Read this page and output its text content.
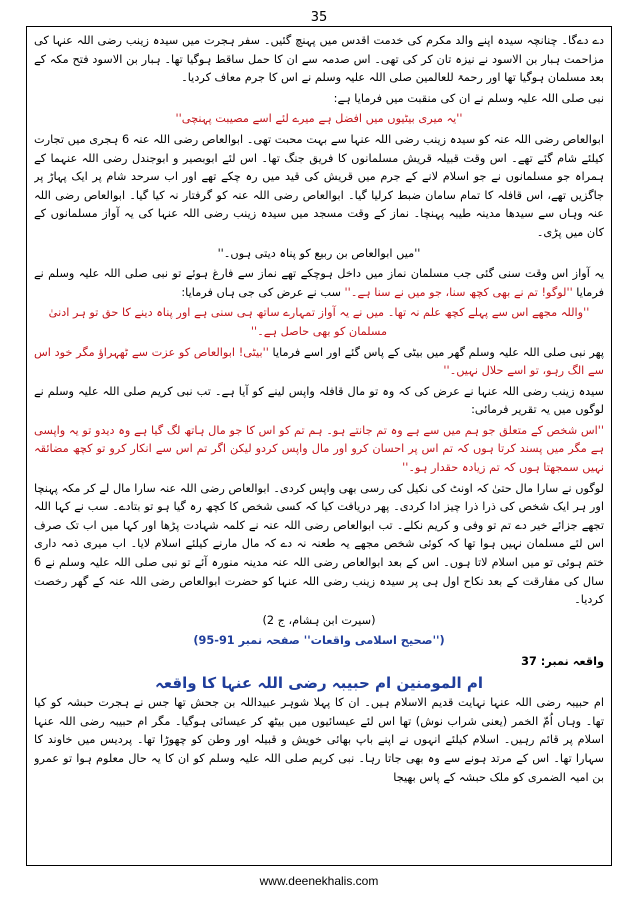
35

دے دےگا۔ چنانچہ سیدہ اپنے والد مکرم کی خدمت اقدس میں پہنچ گئیں۔ سفر ہجرت میں سیدہ زینب رضی اللہ عنہا کی مزاحمت ہبار بن الاسود نے نیزہ تان کر کی تھی۔ اس صدمہ سے ان کا حمل ساقط ہوگیا تھا۔ ہبار بن الاسود فتح مکہ کے بعد مسلمان ہوگیا تھا اور رحمۃ للعالمین صلی اللہ علیہ وسلم نے اس کا جرم معاف کردیا۔

نبی صلی اللہ علیہ وسلم نے ان کی منقبت میں فرمایا ہے:

''یہ میری بیٹیوں میں افضل ہے میرے لئے اسے مصیبت پہنچی''

ابوالعاص رضی اللہ عنہ کو سیدہ زینب رضی اللہ عنہا سے بہت محبت تھی۔ ابوالعاص رضی اللہ عنہ 6 ہجری میں تجارت کیلئے شام گئے تھے۔ اس وقت قبیلہ قریش مسلمانوں کا فریق جنگ تھا۔ اس لئے ابوبصیر و ابوجندل رضی اللہ عنہما کے ہمراہ جو مسلمانوں نے جو اسلام لانے کے جرم میں قریش کی قید میں رہ چکے تھے اور اب سرحد شام پر ایک پہاڑ پر جاگزیں تھے، اس قافلہ کا تمام سامان ضبط کرلیا گیا۔ ابوالعاص رضی اللہ عنہ کو گرفتار نہ کیا گیا۔ ابوالعاص رضی اللہ عنہ وہاں سے سیدھا مدینہ طیبہ پہنچا۔ نماز کے وقت مسجد میں سیدہ زینب رضی اللہ عنہا کی یہ آواز مسلمانوں کے کان میں پڑی۔

''میں ابوالعاص بن ربیع کو پناہ دیتی ہوں۔''

یہ آواز اس وقت سنی گئی جب مسلمان نماز میں داخل ہوچکے تھے نماز سے فارغ ہوئے تو نبی صلی اللہ علیہ وسلم نے فرمایا ''لوگو! تم نے بھی کچھ سنا، جو میں نے سنا ہے۔'' سب نے عرض کی جی ہاں فرمایا:

''واللہ مجھے اس سے پہلے کچھ علم نہ تھا۔ میں نے یہ آواز تمہارے ساتھ ہی سنی ہے اور پناہ دینے کا حق تو ہر ادنیٰ مسلمان کو بھی حاصل ہے۔''

پھر نبی صلی اللہ علیہ وسلم گھر میں بیٹی کے پاس گئے اور اسے فرمایا ''بیٹی! ابوالعاص کو عزت سے ٹھہراؤ مگر خود اس سے الگ رہو، تو اسے حلال نہیں۔''

سیدہ زینب رضی اللہ عنہا نے عرض کی کہ وہ تو مال قافلہ واپس لینے کو آیا ہے۔ تب نبی کریم صلی اللہ علیہ وسلم نے لوگوں میں یہ تقریر فرمائی:

''اس شخص کے متعلق جو ہم میں سے ہے وہ تم جانتے ہو۔ ہم تم کو اس کا جو مال ہاتھ لگ گیا ہے وہ دیدو تو یہ واپسی ہے مگر میں پسند کرتا ہوں کہ تم اس پر احسان کرو اور مال واپس کردو لیکن اگر تم اس سے انکار کرو تو کچھ مضائقہ نہیں سمجھتا ہوں کہ تم زیادہ حقدار ہو۔''

لوگوں نے سارا مال حتیٰ کہ اونٹ کی نکیل کی رسی بھی واپس کردی۔ ابوالعاص رضی اللہ عنہ سارا مال لے کر مکہ پہنچا اور ہر ایک شخص کی ذرا ذرا چیز ادا کردی۔ پھر دریافت کیا کہ کسی شخص کا کچھ رہ گیا ہو تو بتادے۔ سب نے کہا اللہ تجھے جزائے خیر دے تم تو وفی و کریم نکلے۔ تب ابوالعاص رضی اللہ عنہ نے کلمہ شہادت پڑھا اور کہا میں اب تک صرف اس لئے مسلمان نہیں ہوا تھا کہ کوئی شخص مجھے یہ طعنہ نہ دے کہ مال مارنے کیلئے اسلام لایا۔ اب میری ذمہ داری ختم ہوئی تو میں اسلام لاتا ہوں۔ اس کے بعد ابوالعاص رضی اللہ عنہ مدینہ منورہ آئے تو نبی صلی اللہ علیہ وسلم نے 6 سال کی مفارقت کے بعد نکاح اول ہی پر سیدہ زینب رضی اللہ عنہا کو حضرت ابوالعاص رضی اللہ عنہ کے گھر رخصت کردیا۔

(سیرت ابن ہشام، ج 2)

(''صحیح اسلامی واقعات'' صفحہ نمبر 91-95)

واقعہ نمبر: 37

ام المومنین ام حبیبہ رضی اللہ عنہا کا واقعہ

ام حبیبہ رضی اللہ عنہا نہایت قدیم الاسلام ہیں۔ ان کا پہلا شوہر عبیداللہ بن جحش تھا جس نے ہجرت حبشہ کو کیا تھا۔ وہاں اُمّ الخمر (یعنی شراب نوش) تھا اس لئے عیسائیوں میں بیٹھ کر عیسائی ہوگیا۔ مگر ام حبیبہ رضی اللہ عنہا اسلام پر قائم رہیں۔ اسلام کیلئے انہوں نے اپنے باپ بھائی خویش و قبیلہ اور وطن کو چھوڑا تھا۔ پردیس میں خاوند کا سہارا تھا۔ اس کے مرتد ہونے سے وہ بھی جاتا رہا۔ نبی کریم صلی اللہ علیہ وسلم کو ان کا یہ حال معلوم ہوا تو عمرو بن امیہ الضمری کو ملک حبشہ کے پاس بھیجا

www.deenekhalis.com
